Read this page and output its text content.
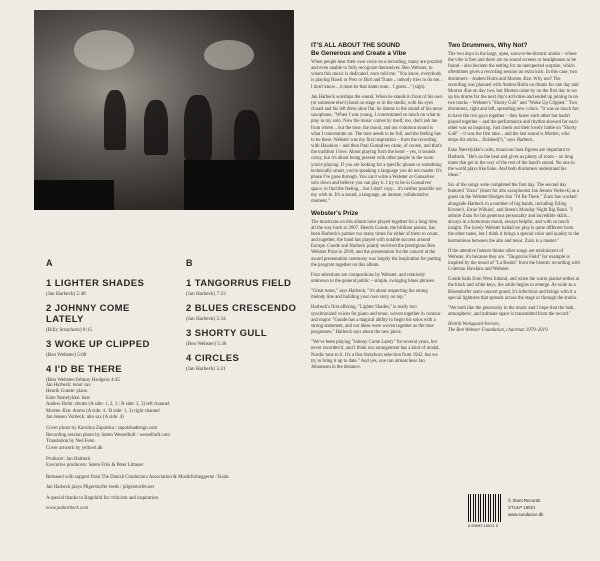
A
1 LIGHTER SHADES
(Jan Harbeck) 5:48
2 JOHNNY COME LATELY
(Billy Strayhorn) 8:15
3 WOKE UP CLIPPED
(Ben Webster) 5:00
4 I'D BE THERE
(Ben Webster/Johnny Hodges) 4:45
B
1 TANGORRUS FIELD
(Jan Harbeck) 7:23
2 BLUES CRESCENDO
(Jan Harbeck) 5:34
3 SHORTY GULL
(Ben Webster) 5:36
4 CIRCLES
(Jan Harbeck) 5:21
Jan Harbeck: tenor sax
Henrik Gunde: piano
Eske Nørrelykke: bass
Anders Holm: drums (A side: 1, 2, 3 / B side: 2, 3) left channel
Morten Ærø: drums (A side: 4 / B side: 1, 3) right channel
Jan Jensen Vorbeck: alto sax (A side: 4)
Cover photo by Karolina Zapolska / zapolskadesign.com
Recording session photo by Søren Wesselhoft / wesselhoft.com
Translation by Ned Fenn
Cover artwork by yellowl.dk
Producer: Jan Harbeck
Executive producers: Søren Friis & Peter Littauer
Released with support from The Danish Conductors Association & Musikforlæggerne / Koda
Jan Harbeck plays Pilgerstorfer reeds / pilgerstorfer.net
A special thanks to Ragnhild for criticism and inspiration
www.janharbeck.com
IT'S ALL ABOUT THE SOUND
Be Generous and Create a Vibe

When people hear their own voice on a recording, many are puzzled and even unable to fully recognize themselves. Ben Webster, to whom this music is dedicated, once told me: "You know, everybody is playing Hawk or Prez or Bird and Trane... nobody tries to do me... I don't know... it must be that damn tone... I guess..." (sigh).

Jan Harbeck worships the sound. When he stands in front of his own (or someone else's) band on stage or in the studio, with his eyes closed and his left dress shoe flat, he listens to the sound of his tenor saxophone. "When I was young, I concentrated so much on what to play in my solo. Now the music comes by itself, too, don't ask me from where... but the tone, the mood, and our common sound is what I concentrate on. The tone needs to be full, and the feeling has to be there. Webster was my first inspiration – from the recording with Hawkins – and then Paul Gonsalves came, of course, and that's the tradition I love. About playing from the heart – yes, it sounds corny, but it's about being present with other people in the room you're playing. If you are looking for a specific phrase or something technically smart, you're speaking a language you do not master. It's phase I've gone through. You can't write a Webster or Gonsalves solo down and believe you can play it. I try to be in Gonsalves' space, to find the feeling... but I don't copy... it's neither possible nor my wish to. It's a sound, a language, an intense, collaborative moment."

Webster's Prize

The musicians on this album have played together for a long time, all the way back to 2007. Henrik Gunde, the brilliant pianist, has been Harbeck's partner too many times for either of them to count, and together, the band has played with notable success around Europe. Gunde and Harbeck jointly received the prestigious Ben Webster Prize in 2018, and the presentation for the concert at the award presentation ceremony was largely the inspiration for putting the program together on this album.

Four selections are compositions by Webster, and relatively unknown to the general public – simple, swinging blues phrases.

"Great tunes," says Harbeck, "it's about respecting the strong melody line and building your own story on top."

Harbeck's first offering, "Lighter Shades," is really two synchronized voices for piano and tenor, woven together in contour and major. "Gunde has a magical ability to begin his solos with a strong statement, and our ideas were woven together as the tune progresses," Harbeck says about the new piece.

"We've been playing "Johnny Come Lately" for several years, but never recorded it, and I think our arrangement has a kind of modal, Nordic tone to it. It's a fine Strayhorn selection from 1942, but we try to bring it up to date." And yes, one can almost hear Jan Johansson in the distance.

Two Drummers, Why Not?

The two days in the large, open, soon-to-be-historic studio – where the vibe is free and there are no sound screens or headphones to be found – also became the setting for an unexpected surprise, which oftentimes gives a recording session an extra kick. In this case, two drummers – Anders Holm and Morten Ærø. Why not? The recording was planned with Anders Holm on drums for one day and Morten Ærø on day two, but Morten came by on the first day to set up his drums for the next day's activities and ended up joining in on two tracks – Webster's "Shorty Gull" and "Woke Up Clipped." Two drummers, right and left, spreading new colors. "It was so much fun to have the two guys together – they knew each other but hadn't played together – and the performance and rhythm showed for each other was so inspiring. Just check out their lovely battle on "Shorty Gull" – it was the first take... and the last sound is Morten, who drops his sticks... finished(!)," says Harbeck.

Eske Nørrelykke's calm, tenacious bass figures are important to Harbeck. "He's on the beat and gives us plenty of room – no long tones that get in the way of the rest of the band's sound. No one in the world plays like Eske. And both drummers understand his ideas."

Six of the songs were completed the first day. The second day featured "Zuzu" (short for alto saxophonist Jan Jensen Vorbeck) as a guest on the Webster/Hodges duo "I'd Be There." Zuzu has worked alongside Harbeck in a number of big bands, including Erling Kroner's, Ernie Wilkins', and Steen's Monday Night Big Band. "I admire Zuzu for his generous personality and incredible skills... always in a humorous mood, always helpful, and with so much insight. The lovely Webster ballad we play is quite different from the other tunes, but I think it brings a special color and quality to the harmonious between the alto and tenor. Zuzu is a master."

If the attentive listener thinks other songs are reminiscent of Webster, it's because they are. "Tangorrus Field" for example is inspired by the mood of "La Rosita" from the historic recording with Coleman Hawkins and Webster.

Gunde hails from West Jutland, and when the warm pianist settles at the black and white keys, the smile begins to emerge. As wide as a Bösendorfer semi-concert grand, it's infectious and brings with it a special lightness that spreads across the stage or through the studio.

"We both like the generosity in the music and I hope that the lush, atmospheric, and intimate space is transmitted from the record."

Henrik Wolsgaard-Iversen,
The Ben Webster Foundation, chairman 1979–2019.

6 63993 19021 5
© Stunt Records
STULP 19021
www.sundance.dk
